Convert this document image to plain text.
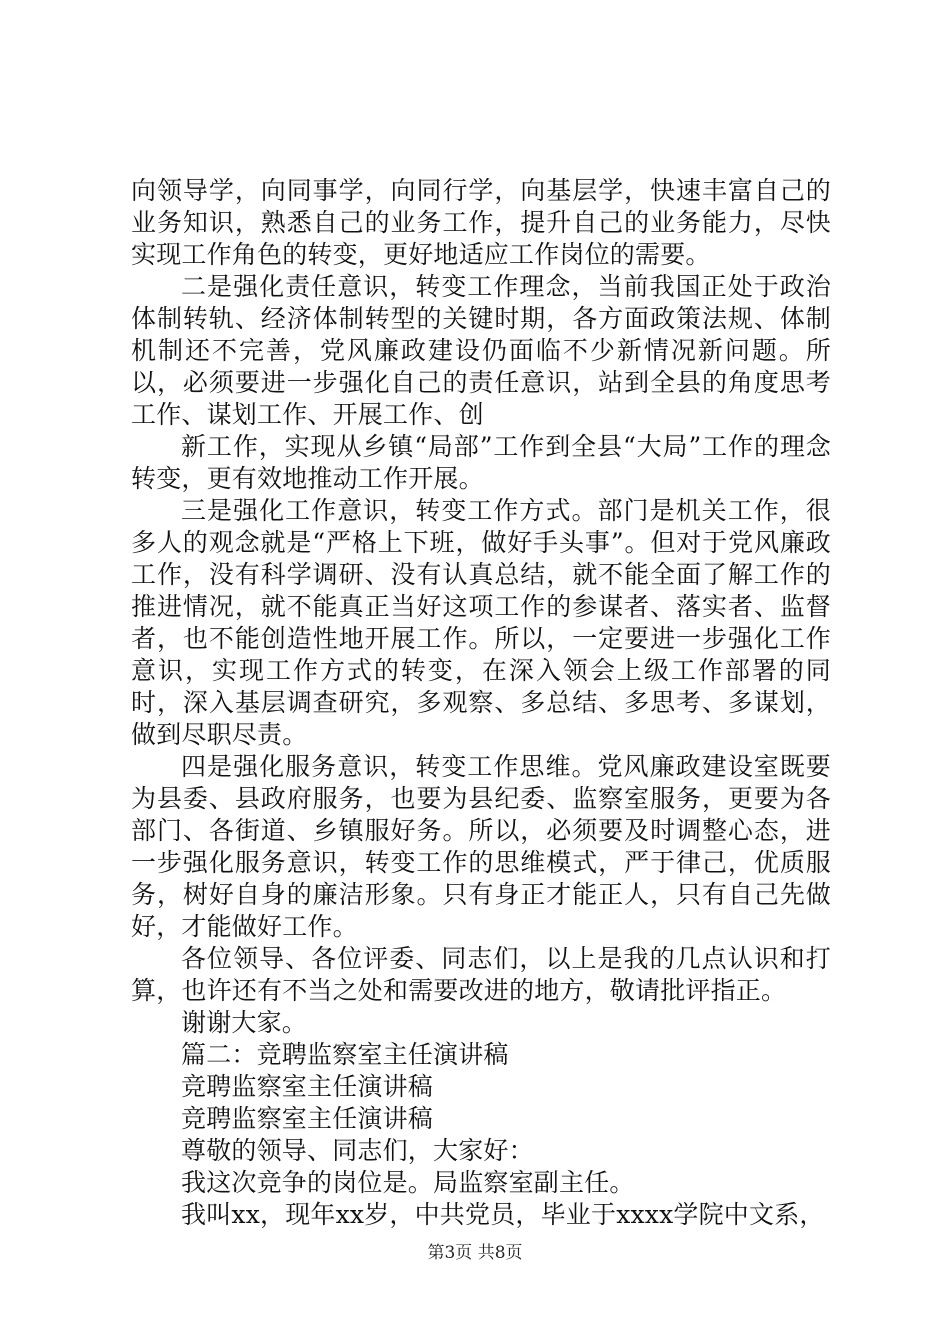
向领导学，向同事学，向同行学，向基层学，快速丰富自己的业务知识，熟悉自己的业务工作，提升自己的业务能力，尽快实现工作角色的转变，更好地适应工作岗位的需要。

二是强化责任意识，转变工作理念，当前我国正处于政治体制转轨、经济体制转型的关键时期，各方面政策法规、体制机制还不完善，党风廉政建设仍面临不少新情况新问题。所以，必须要进一步强化自己的责任意识，站到全县的角度思考工作、谋划工作、开展工作、创

新工作，实现从乡镇“局部”工作到全县“大局”工作的理念转变，更有效地推动工作开展。

三是强化工作意识，转变工作方式。部门是机关工作，很多人的观念就是“严格上下班，做好手头事”。但对于党风廉政工作，没有科学调研、没有认真总结，就不能全面了解工作的推进情况，就不能真正当好这项工作的参谋者、落实者、监督者，也不能创造性地开展工作。所以，一定要进一步强化工作意识，实现工作方式的转变，在深入领会上级工作部署的同时，深入基层调查研究，多观察、多总结、多思考、多谋划，做到尽职尽责。

四是强化服务意识，转变工作思维。党风廉政建设室既要为县委、县政府服务，也要为县纪委、监察室服务，更要为各部门、各街道、乡镇服好务。所以，必须要及时调整心态，进一步强化服务意识，转变工作的思维模式，严于律己，优质服务，树好自身的廉洁形象。只有身正才能正人，只有自己先做好，才能做好工作。

各位领导、各位评委、同志们，以上是我的几点认识和打算，也许还有不当之处和需要改进的地方，敬请批评指正。

谢谢大家。

篇二：竞聘监察室主任演讲稿

竞聘监察室主任演讲稿

竞聘监察室主任演讲稿

尊敬的领导、同志们，大家好：

我这次竞争的岗位是。局监察室副主任。

我叫xx，现年xx岁，中共党员，毕业于xxxx学院中文系，

第3页 共8页
